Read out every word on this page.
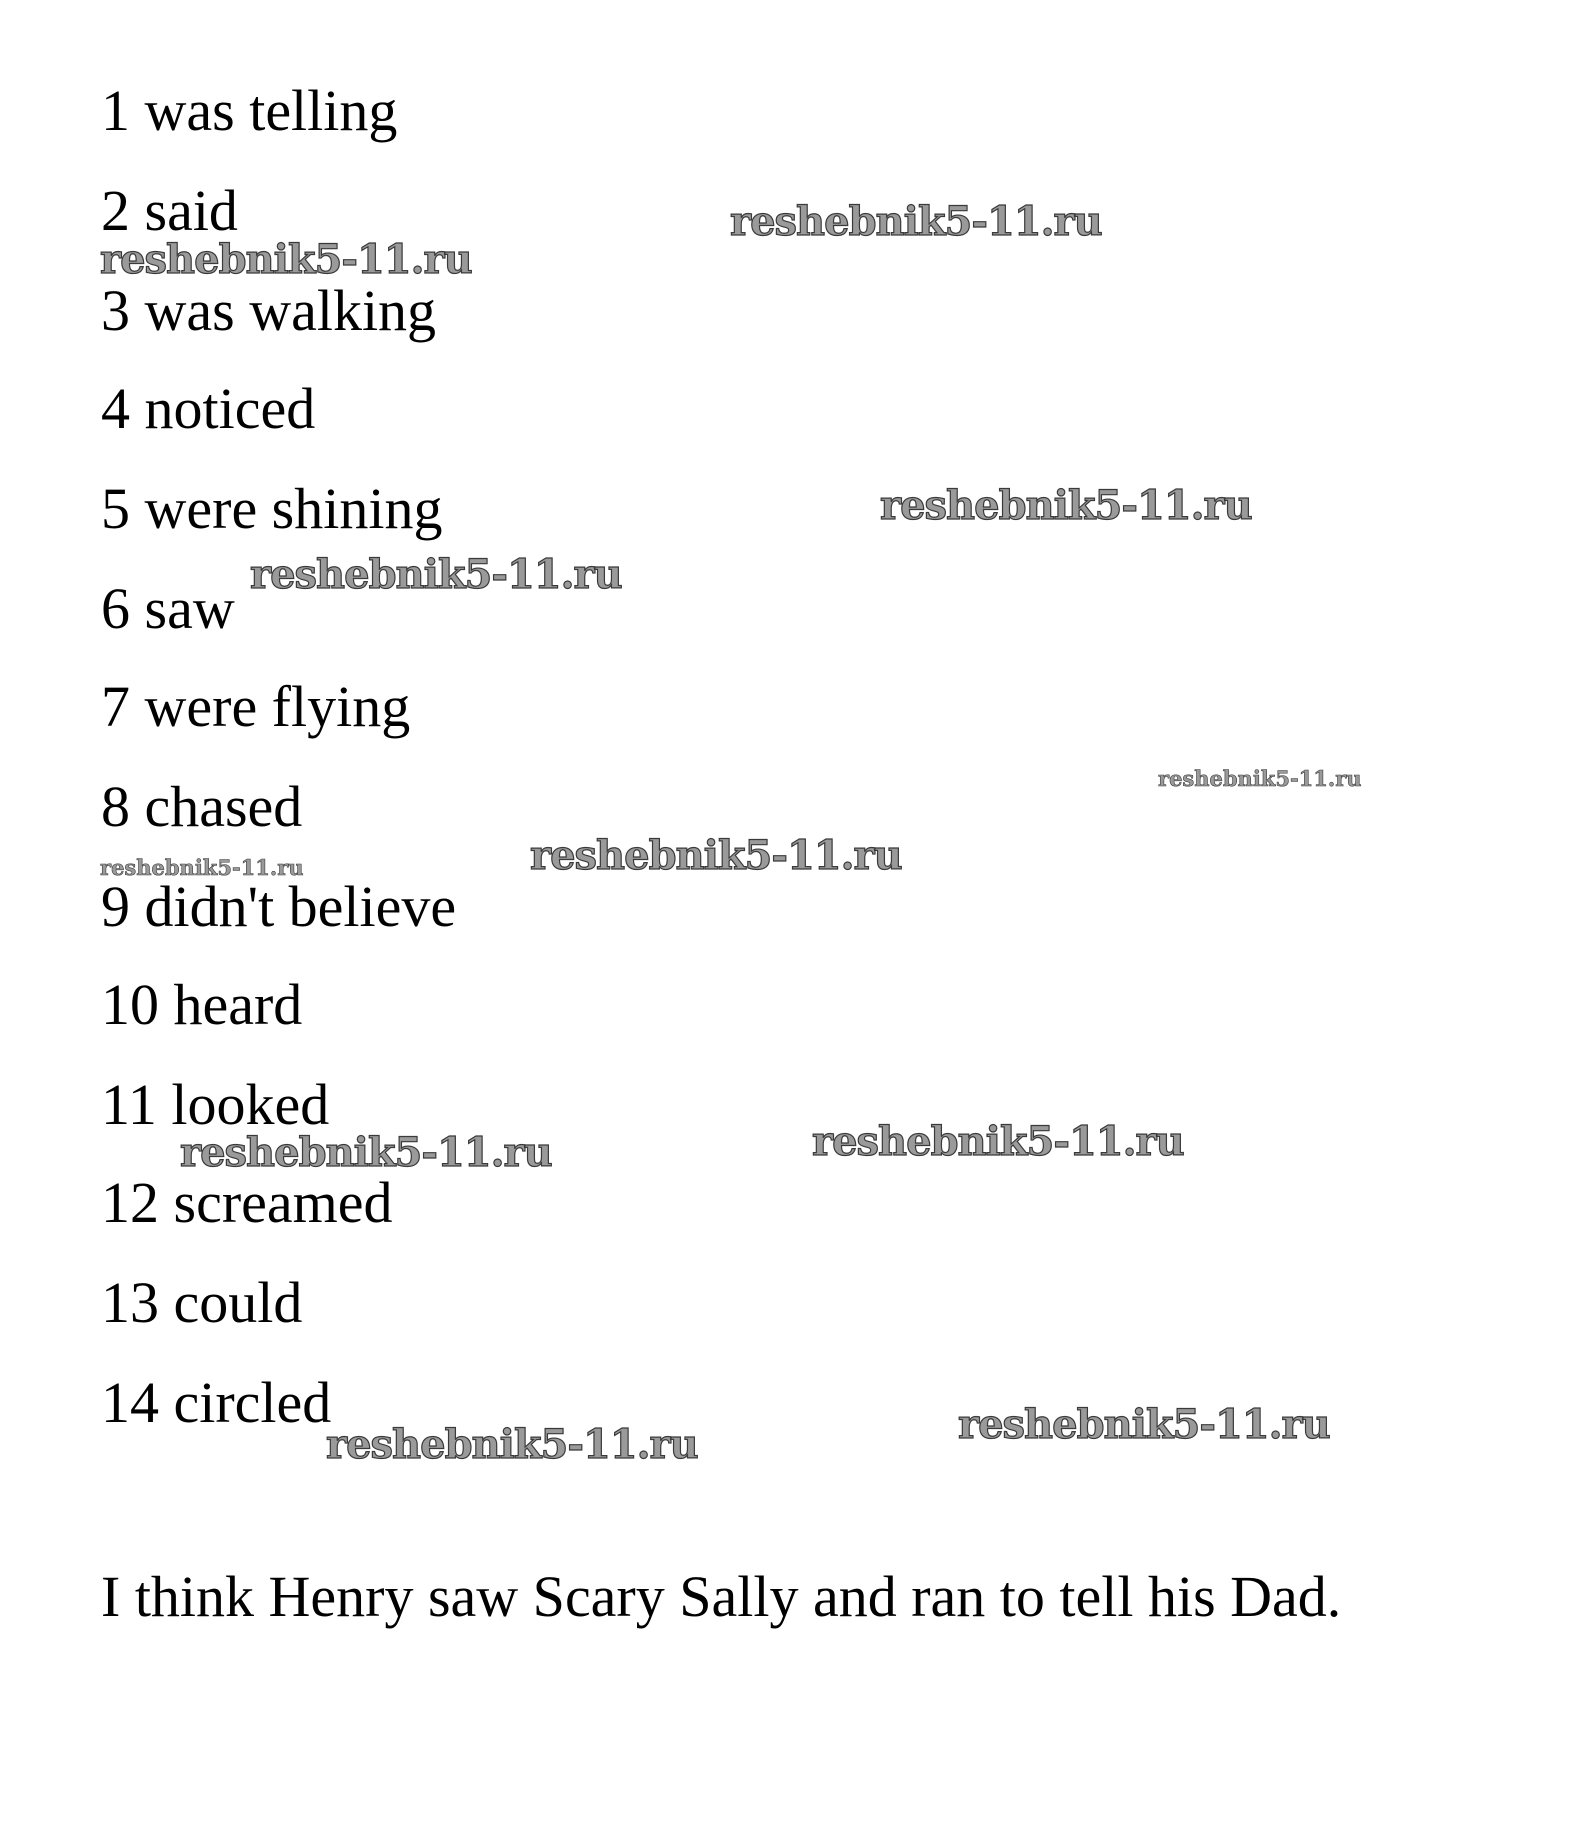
1 was telling
2 said
3 was walking
4 noticed
5 were shining
6 saw
7 were flying
8 chased
9 didn't believe
10 heard
11 looked
12 screamed
13 could
14 circled
I think Henry saw Scary Sally and ran to tell his Dad.
reshebnik5-11.ru
reshebnik5-11.ru
reshebnik5-11.ru
reshebnik5-11.ru
reshebnik5-11.ru
reshebnik5-11.ru
reshebnik5-11.ru
reshebnik5-11.ru
reshebnik5-11.ru
reshebnik5-11.ru
reshebnik5-11.ru
